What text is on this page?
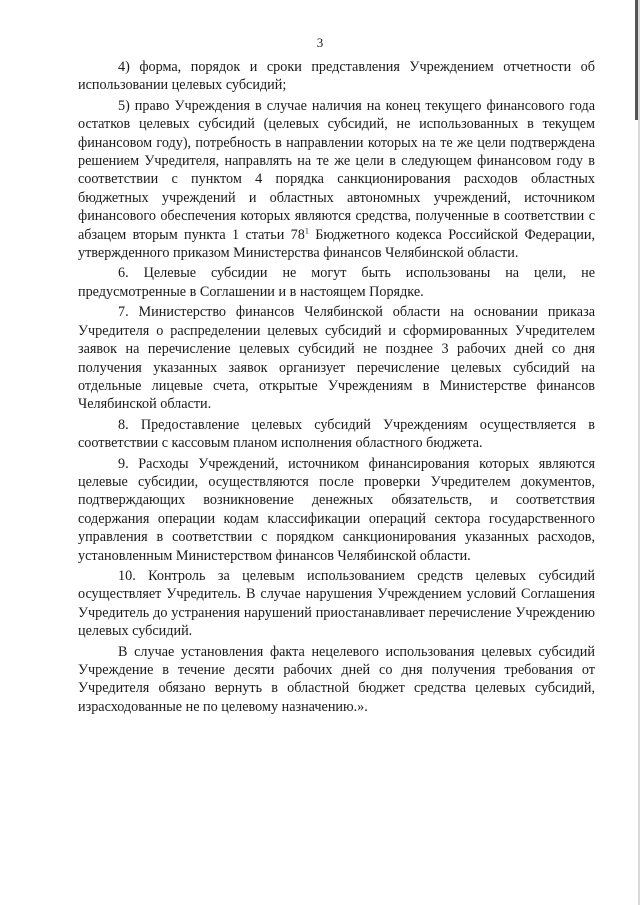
3

4) форма, порядок и сроки представления Учреждением отчетности об использовании целевых субсидий;

5) право Учреждения в случае наличия на конец текущего финансового года остатков целевых субсидий (целевых субсидий, не использованных в текущем финансовом году), потребность в направлении которых на те же цели подтверждена решением Учредителя, направлять на те же цели в следующем финансовом году в соответствии с пунктом 4 порядка санкционирования расходов областных бюджетных учреждений и областных автономных учреждений, источником финансового обеспечения которых являются средства, полученные в соответствии с абзацем вторым пункта 1 статьи $78^1$ Бюджетного кодекса Российской Федерации, утвержденного приказом Министерства финансов Челябинской области.

6. Целевые субсидии не могут быть использованы на цели, не предусмотренные в Соглашении и в настоящем Порядке.

7. Министерство финансов Челябинской области на основании приказа Учредителя о распределении целевых субсидий и сформированных Учредителем заявок на перечисление целевых субсидий не позднее 3 рабочих дней со дня получения указанных заявок организует перечисление целевых субсидий на отдельные лицевые счета, открытые Учреждениям в Министерстве финансов Челябинской области.

8. Предоставление целевых субсидий Учреждениям осуществляется в соответствии с кассовым планом исполнения областного бюджета.

9. Расходы Учреждений, источником финансирования которых являются целевые субсидии, осуществляются после проверки Учредителем документов, подтверждающих возникновение денежных обязательств, и соответствия содержания операции кодам классификации операций сектора государственного управления в соответствии с порядком санкционирования указанных расходов, установленным Министерством финансов Челябинской области.

10. Контроль за целевым использованием средств целевых субсидий осуществляет Учредитель. В случае нарушения Учреждением условий Соглашения Учредитель до устранения нарушений приостанавливает перечисление Учреждению целевых субсидий.

В случае установления факта нецелевого использования целевых субсидий Учреждение в течение десяти рабочих дней со дня получения требования от Учредителя обязано вернуть в областной бюджет средства целевых субсидий, израсходованные не по целевому назначению.».
